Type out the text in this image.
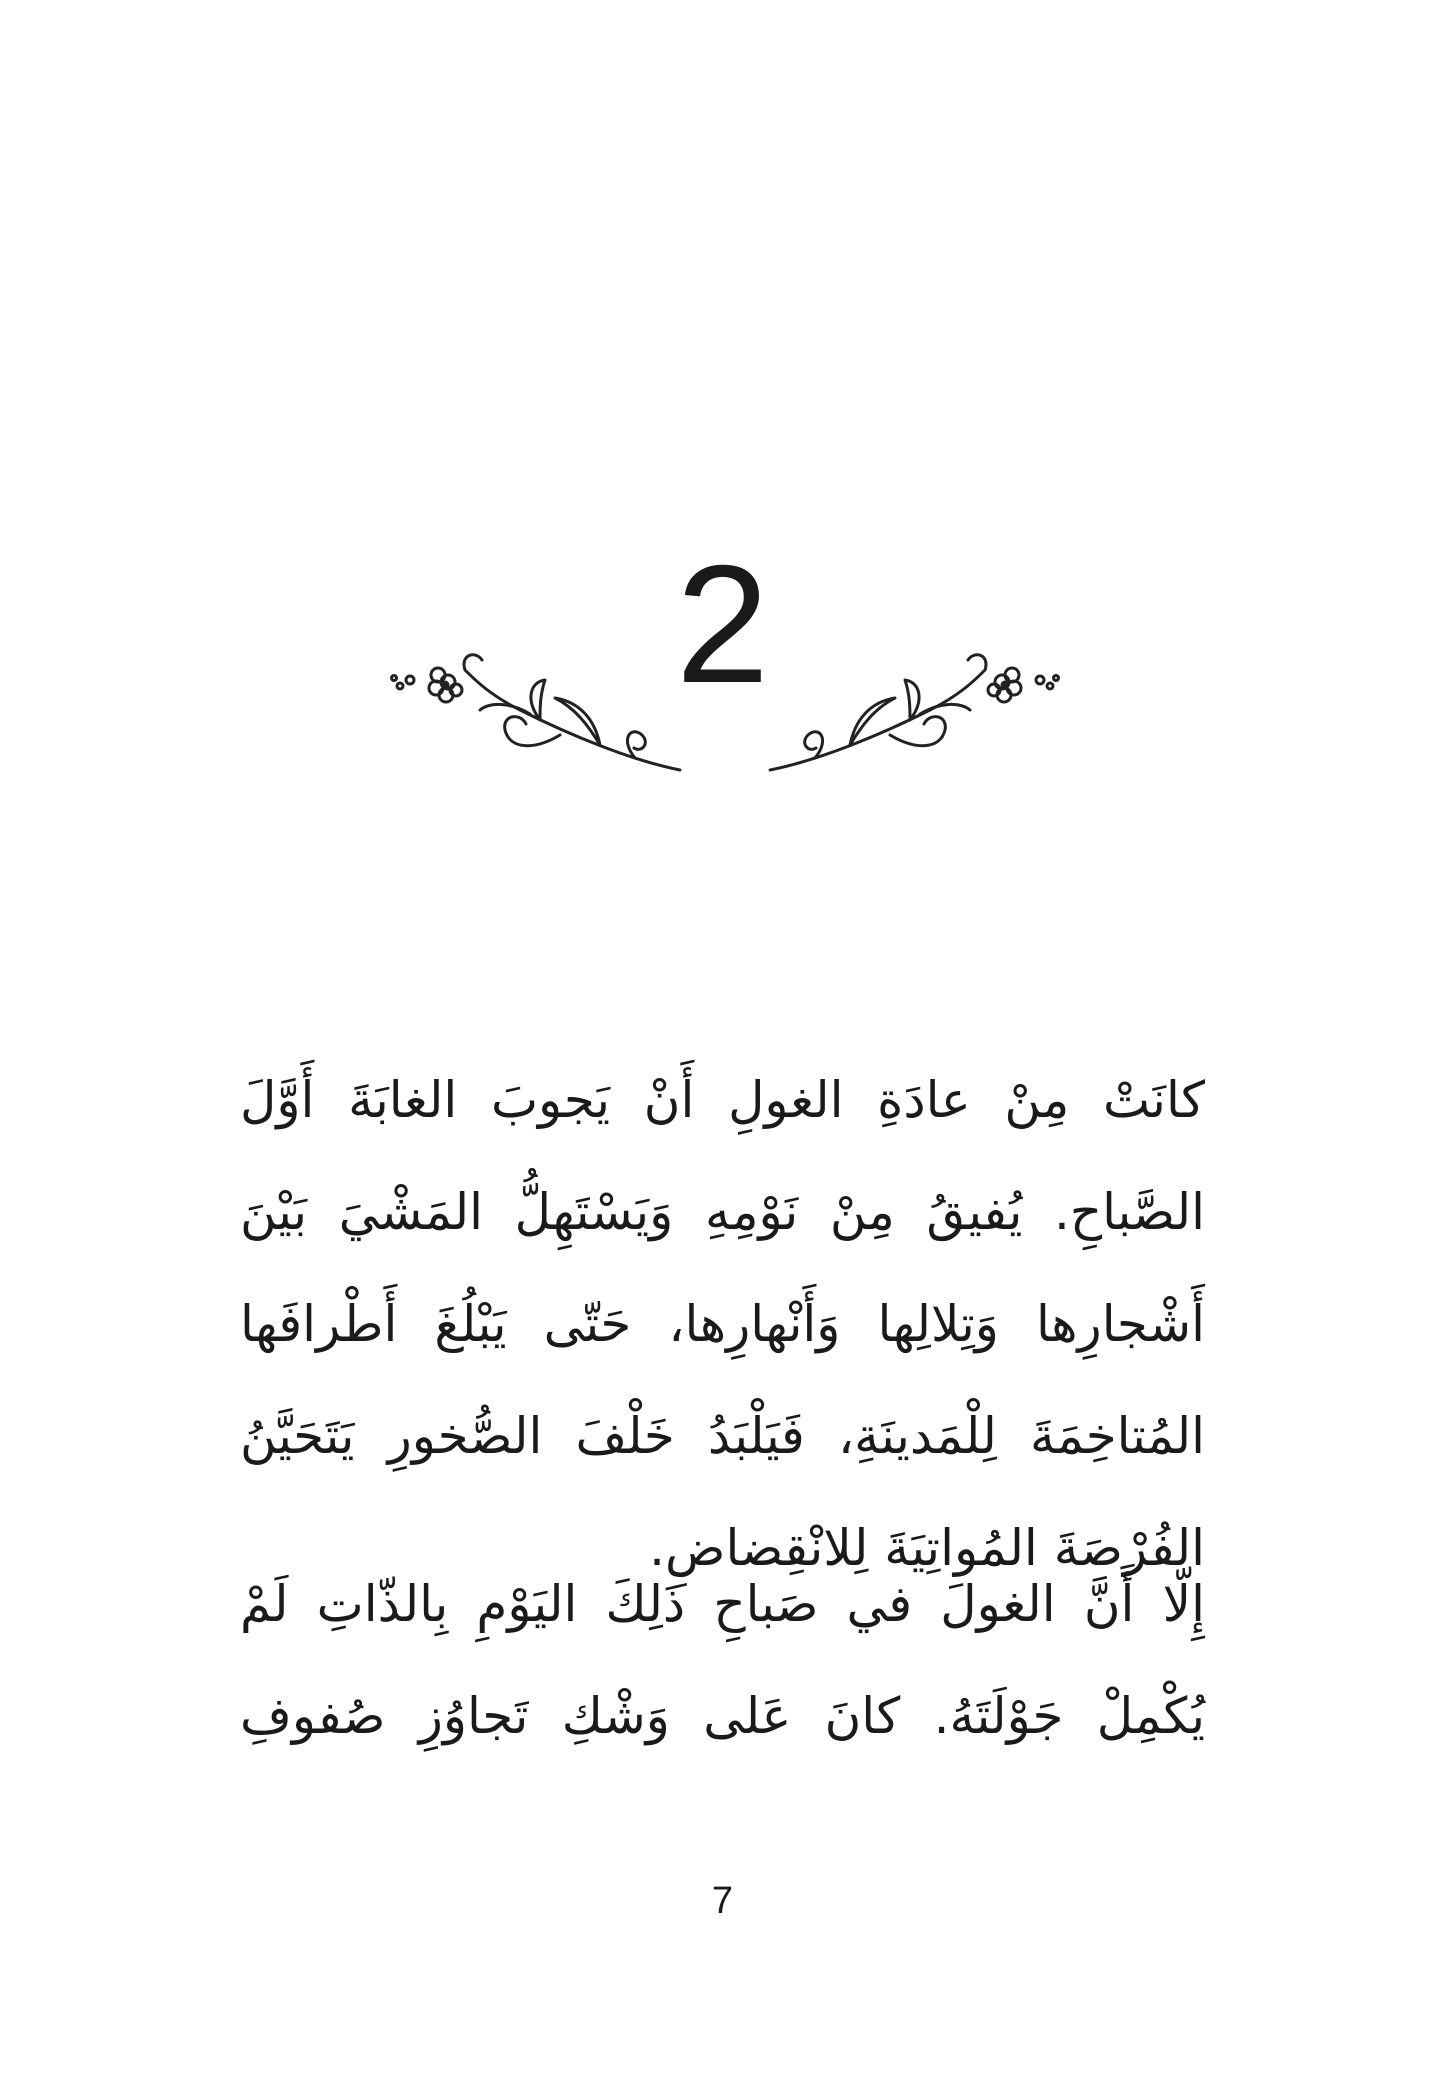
2
كانَتْ مِنْ عادَةِ الغولِ أَنْ يَجوبَ الغابَةَ أَوَّلَ
الصَّباحِ. يُفيقُ مِنْ نَوْمِهِ وَيَسْتَهِلُّ المَشْيَ بَيْنَ
أَشْجارِها وَتِلالِها وَأَنْهارِها، حَتّى يَبْلُغَ أَطْرافَها
المُتاخِمَةَ لِلْمَدينَةِ، فَيَلْبَدُ خَلْفَ الصُّخورِ يَتَحَيَّنُ
الفُرْصَةَ المُواتِيَةَ لِلانْقِضاضِ.
إِلّا أَنَّ الغولَ في صَباحِ ذَلِكَ اليَوْمِ بِالذّاتِ لَمْ
يُكْمِلْ جَوْلَتَهُ. كانَ عَلى وَشْكِ تَجاوُزِ صُفوفِ
7
